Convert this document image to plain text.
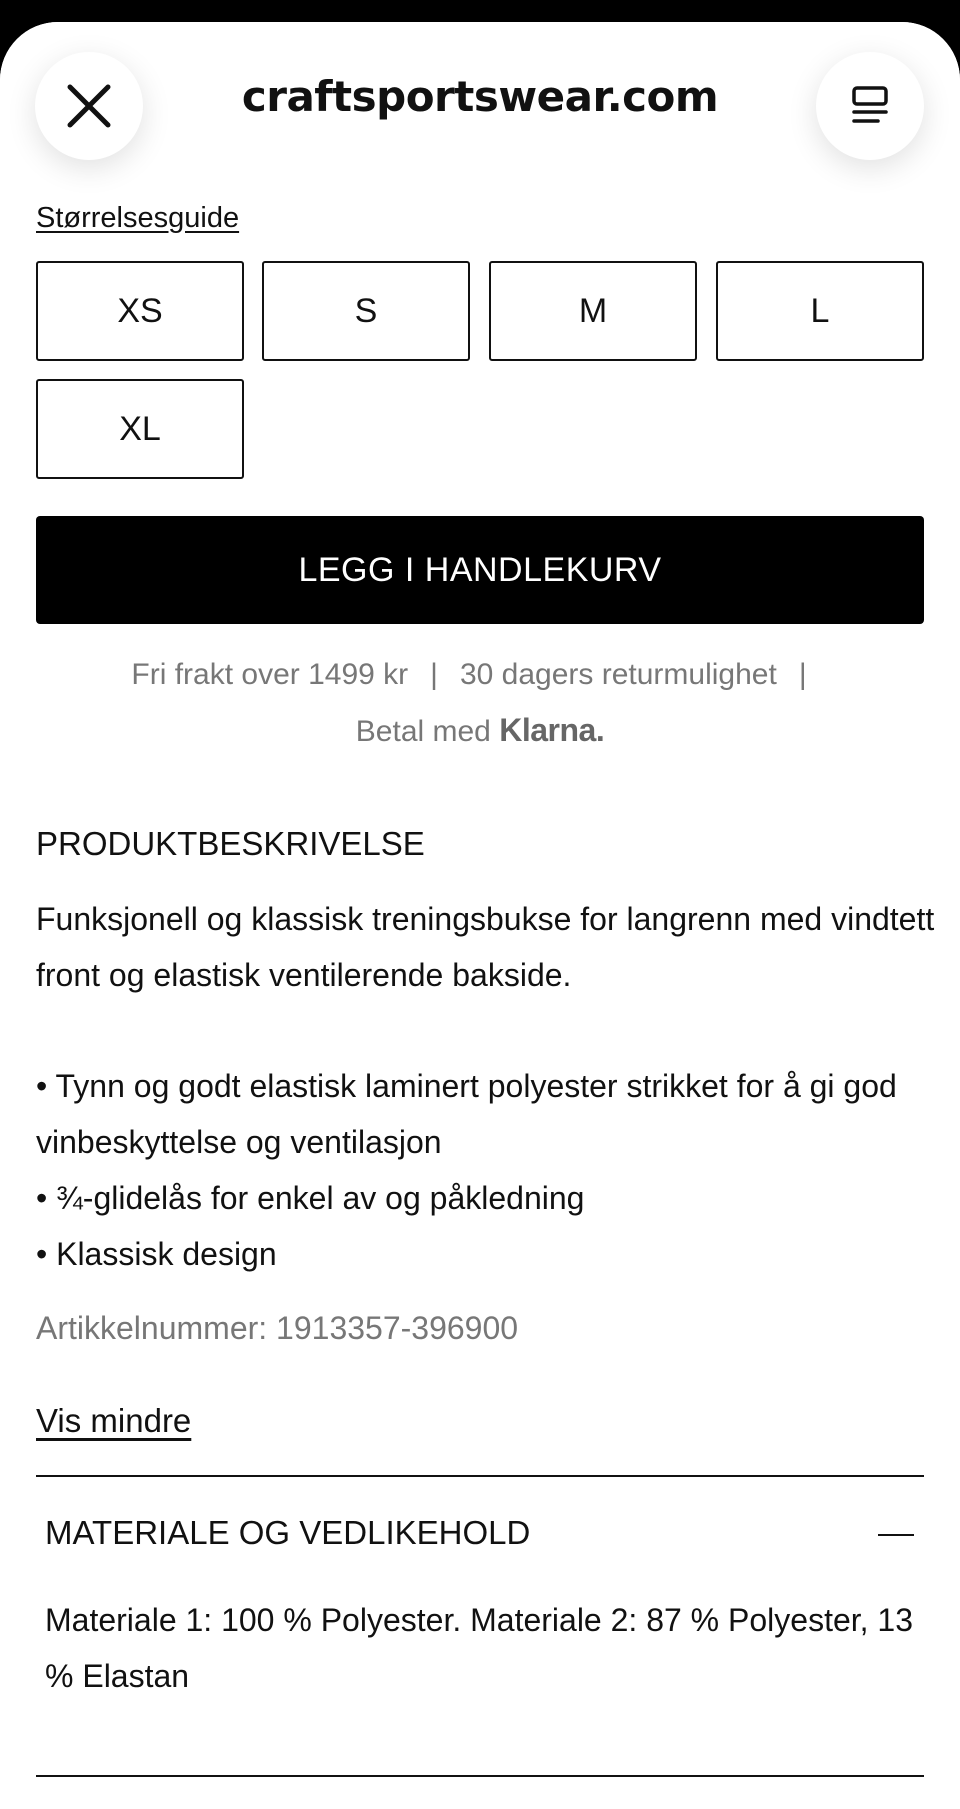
craftsportswear.com
Størrelsesguide
XS	S	M	L
XL
LEGG I HANDLEKURV
Fri frakt over 1499 kr | 30 dagers returmulighet |
Betal med Klarna.
PRODUKTBESKRIVELSE
Funksjonell og klassisk treningsbukse for langrenn med vindtett front og elastisk ventilerende bakside.
• Tynn og godt elastisk laminert polyester strikket for å gi god vinbeskyttelse og ventilasjon
• ¾-glidelås for enkel av og påkledning
• Klassisk design
Artikkelnummer: 1913357-396900
Vis mindre
MATERIALE OG VEDLIKEHOLD
Materiale 1: 100 % Polyester. Materiale 2: 87 % Polyester, 13 % Elastan
